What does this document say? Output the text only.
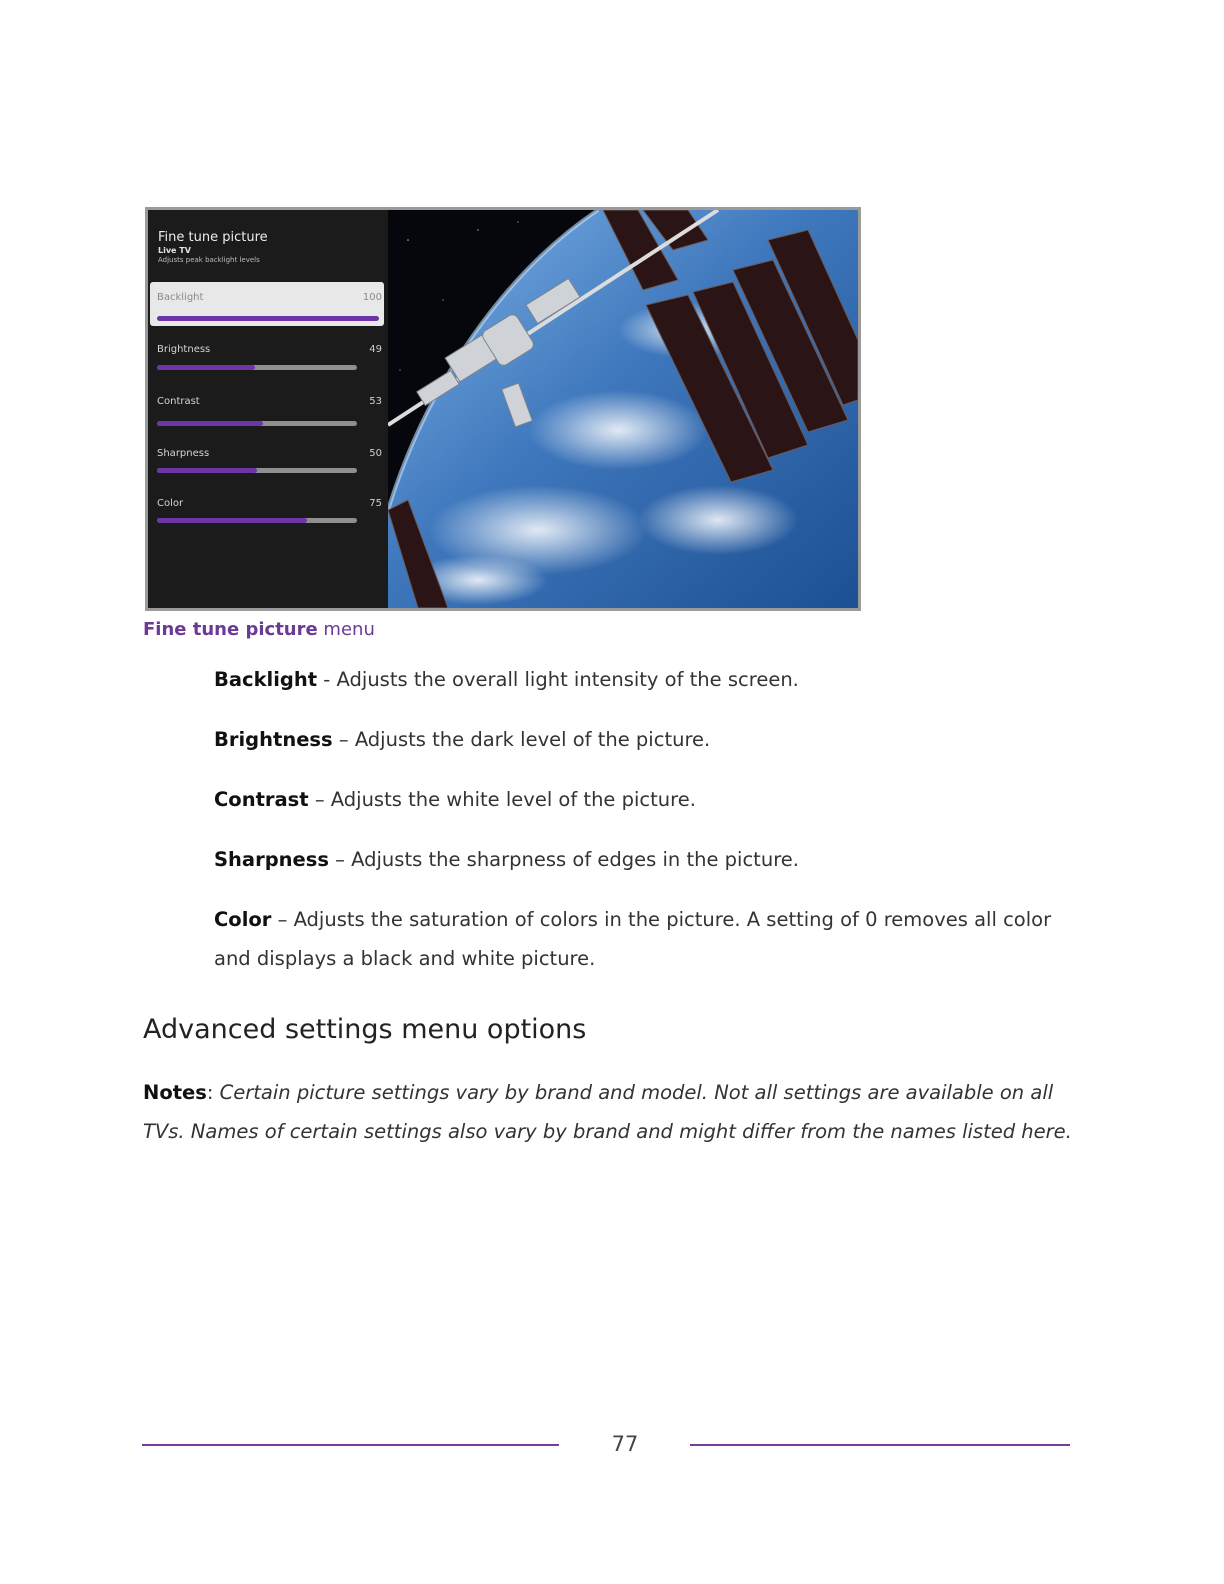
Fine tune picture
Live TV
Adjusts peak backlight levels
Backlight	100
Brightness	49
Contrast	53
Sharpness	50
Color	75
Fine tune picture menu

Backlight - Adjusts the overall light intensity of the screen.

Brightness – Adjusts the dark level of the picture.

Contrast – Adjusts the white level of the picture.

Sharpness – Adjusts the sharpness of edges in the picture.

Color – Adjusts the saturation of colors in the picture. A setting of 0 removes all color and displays a black and white picture.

Advanced settings menu options

Notes: Certain picture settings vary by brand and model. Not all settings are available on all TVs. Names of certain settings also vary by brand and might differ from the names listed here.

77
